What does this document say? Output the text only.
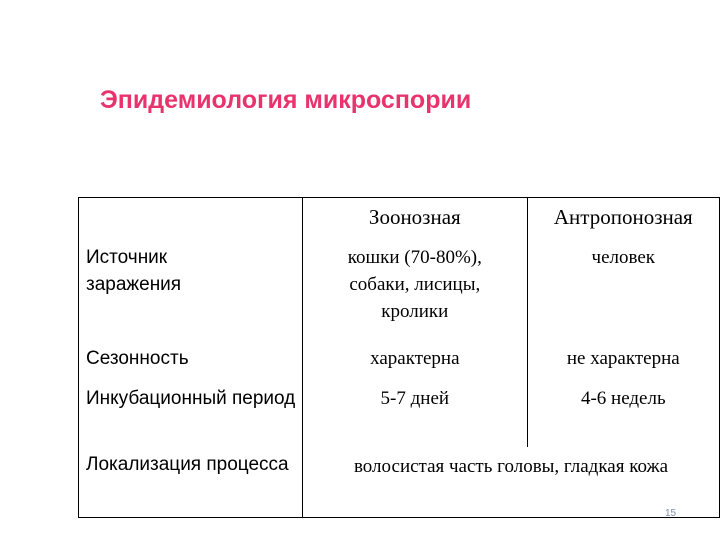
Эпидемиология микроспории
	Зоонозная	Антропонозная
Источник заражения	кошки (70-80%), собаки, лисицы, кролики	человек
Сезонность	характерна	не характерна
Инкубационный период	5-7 дней	4-6 недель
Локализация процесса	волосистая часть головы, гладкая кожа	
15
